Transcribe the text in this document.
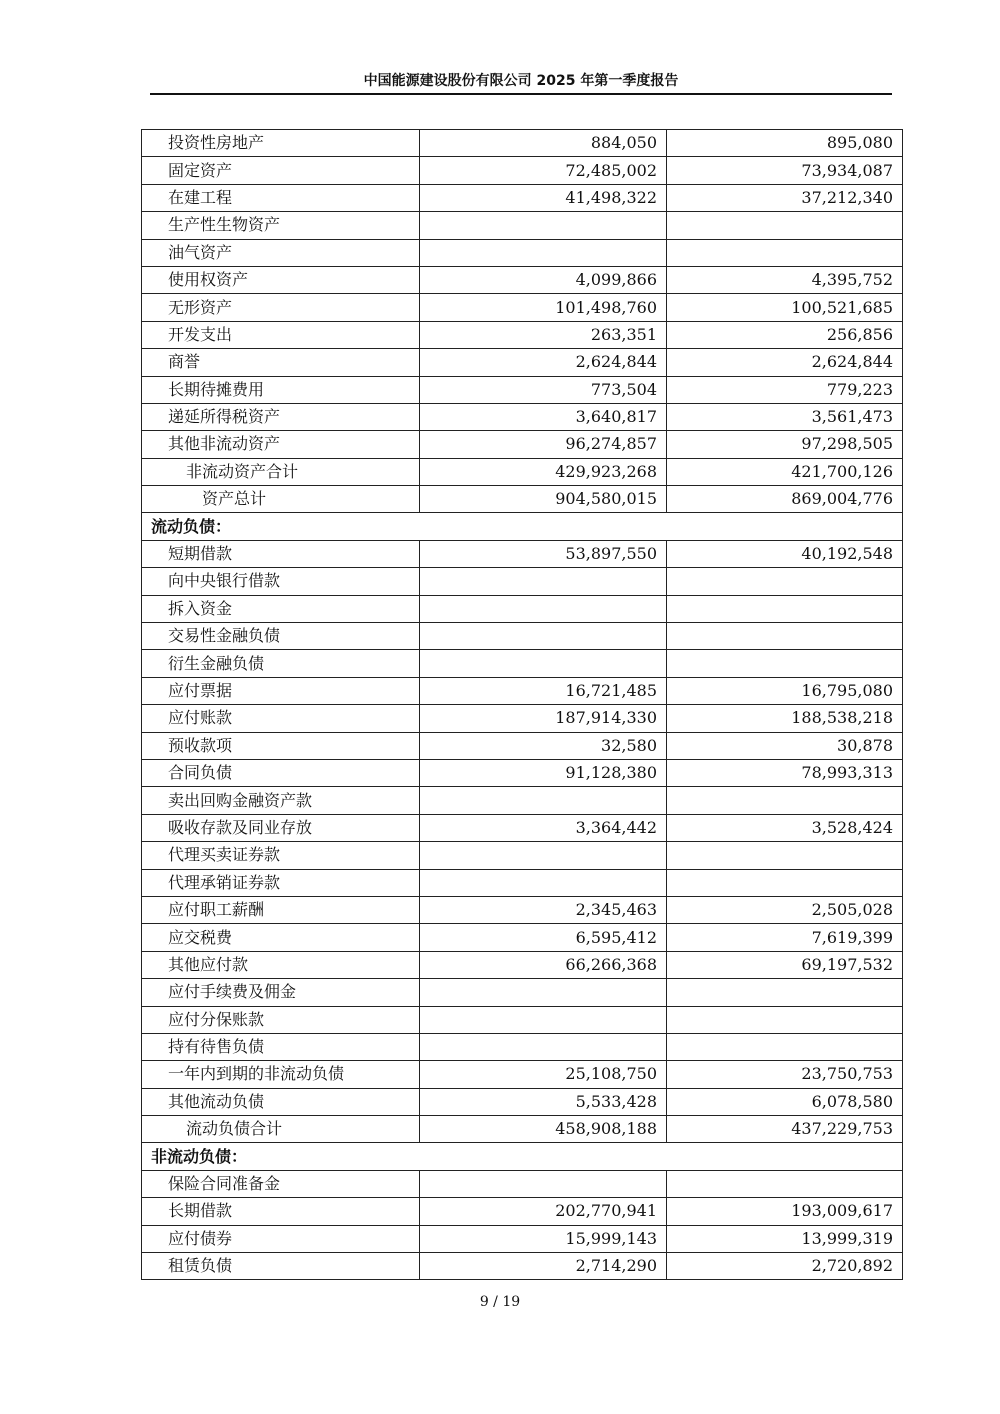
中国能源建设股份有限公司 2025 年第一季度报告
投资性房地产	884,050	895,080
固定资产	72,485,002	73,934,087
在建工程	41,498,322	37,212,340
生产性生物资产		
油气资产		
使用权资产	4,099,866	4,395,752
无形资产	101,498,760	100,521,685
开发支出	263,351	256,856
商誉	2,624,844	2,624,844
长期待摊费用	773,504	779,223
递延所得税资产	3,640,817	3,561,473
其他非流动资产	96,274,857	97,298,505
非流动资产合计	429,923,268	421,700,126
资产总计	904,580,015	869,004,776
流动负债：		
短期借款	53,897,550	40,192,548
向中央银行借款		
拆入资金		
交易性金融负债		
衍生金融负债		
应付票据	16,721,485	16,795,080
应付账款	187,914,330	188,538,218
预收款项	32,580	30,878
合同负债	91,128,380	78,993,313
卖出回购金融资产款		
吸收存款及同业存放	3,364,442	3,528,424
代理买卖证券款		
代理承销证券款		
应付职工薪酬	2,345,463	2,505,028
应交税费	6,595,412	7,619,399
其他应付款	66,266,368	69,197,532
应付手续费及佣金		
应付分保账款		
持有待售负债		
一年内到期的非流动负债	25,108,750	23,750,753
其他流动负债	5,533,428	6,078,580
流动负债合计	458,908,188	437,229,753
非流动负债：		
保险合同准备金		
长期借款	202,770,941	193,009,617
应付债券	15,999,143	13,999,319
租赁负债	2,714,290	2,720,892
9 / 19
